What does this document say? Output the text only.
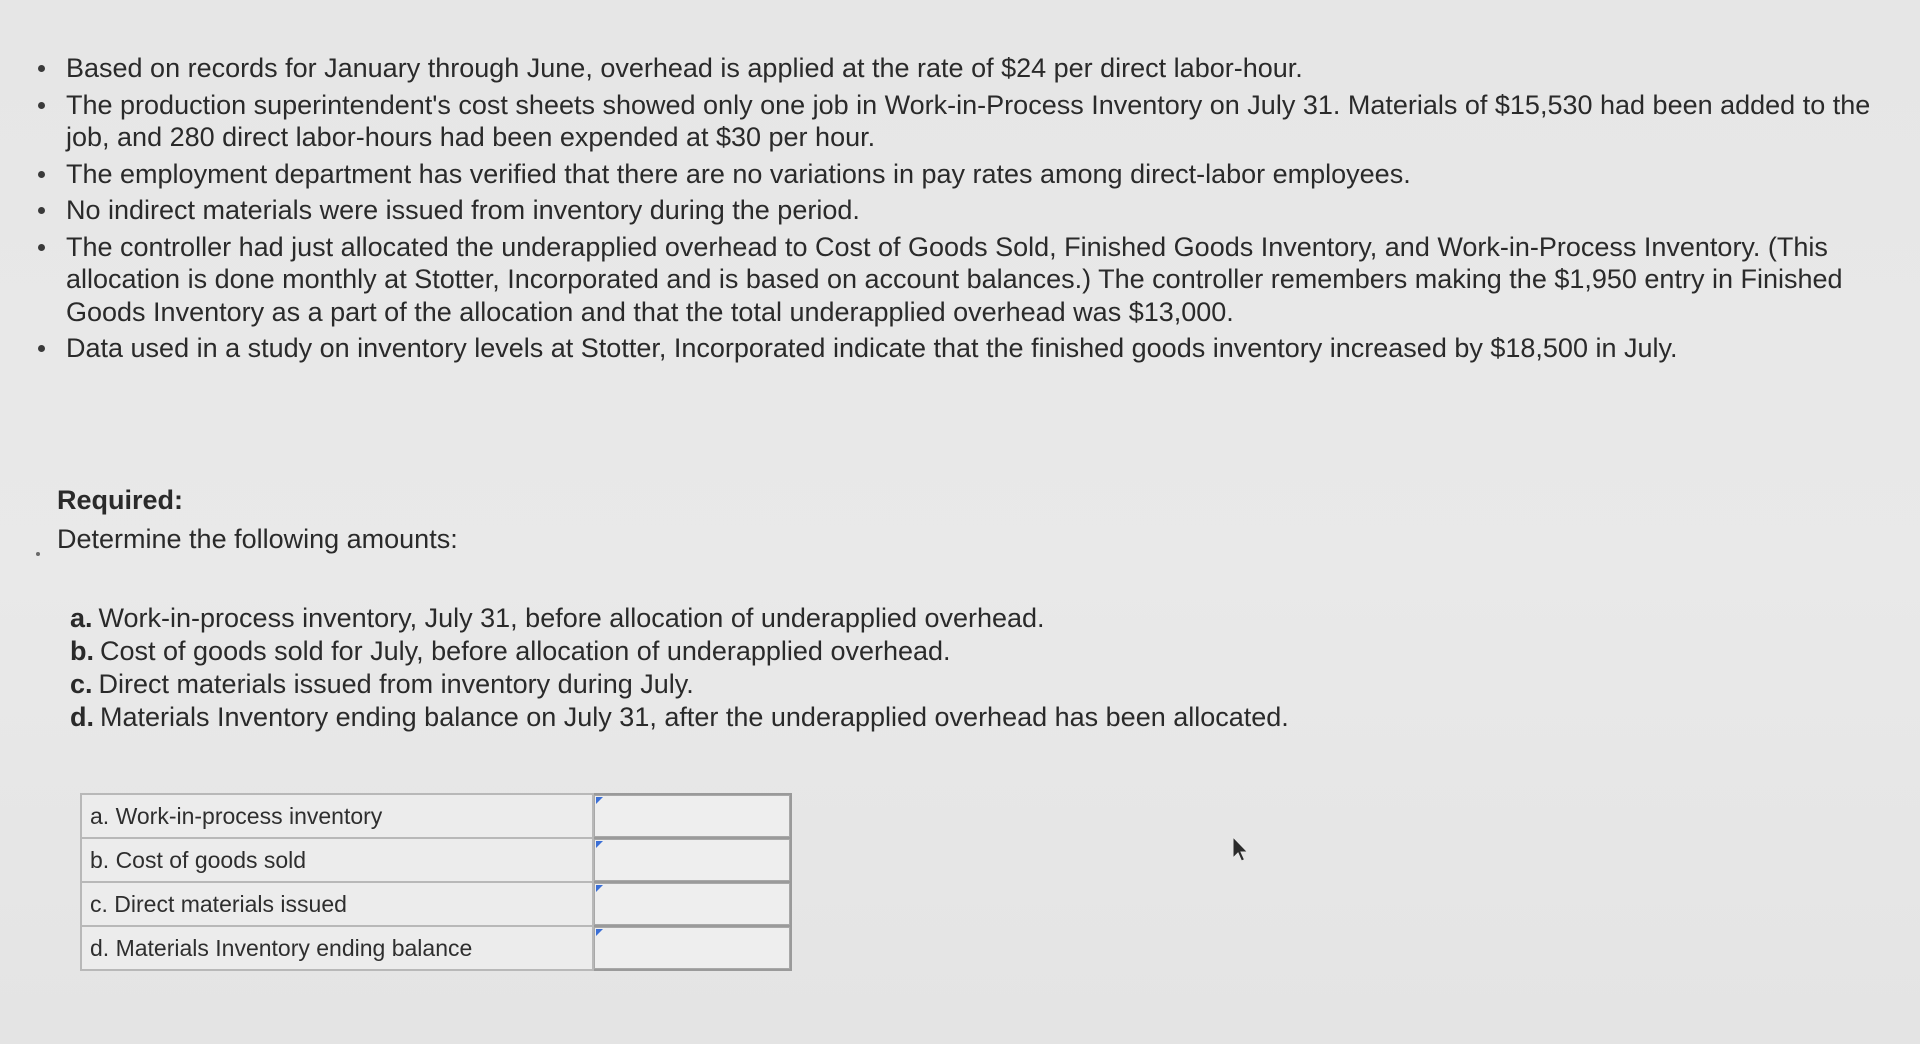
Based on records for January through June, overhead is applied at the rate of $24 per direct labor-hour.
The production superintendent's cost sheets showed only one job in Work-in-Process Inventory on July 31. Materials of $15,530 had been added to the job, and 280 direct labor-hours had been expended at $30 per hour.
The employment department has verified that there are no variations in pay rates among direct-labor employees.
No indirect materials were issued from inventory during the period.
The controller had just allocated the underapplied overhead to Cost of Goods Sold, Finished Goods Inventory, and Work-in-Process Inventory. (This allocation is done monthly at Stotter, Incorporated and is based on account balances.) The controller remembers making the $1,950 entry in Finished Goods Inventory as a part of the allocation and that the total underapplied overhead was $13,000.
Data used in a study on inventory levels at Stotter, Incorporated indicate that the finished goods inventory increased by $18,500 in July.
Required:
Determine the following amounts:
a. Work-in-process inventory, July 31, before allocation of underapplied overhead.
b. Cost of goods sold for July, before allocation of underapplied overhead.
c. Direct materials issued from inventory during July.
d. Materials Inventory ending balance on July 31, after the underapplied overhead has been allocated.
a. Work-in-process inventory	

b. Cost of goods sold	

c. Direct materials issued	

d. Materials Inventory ending balance	
